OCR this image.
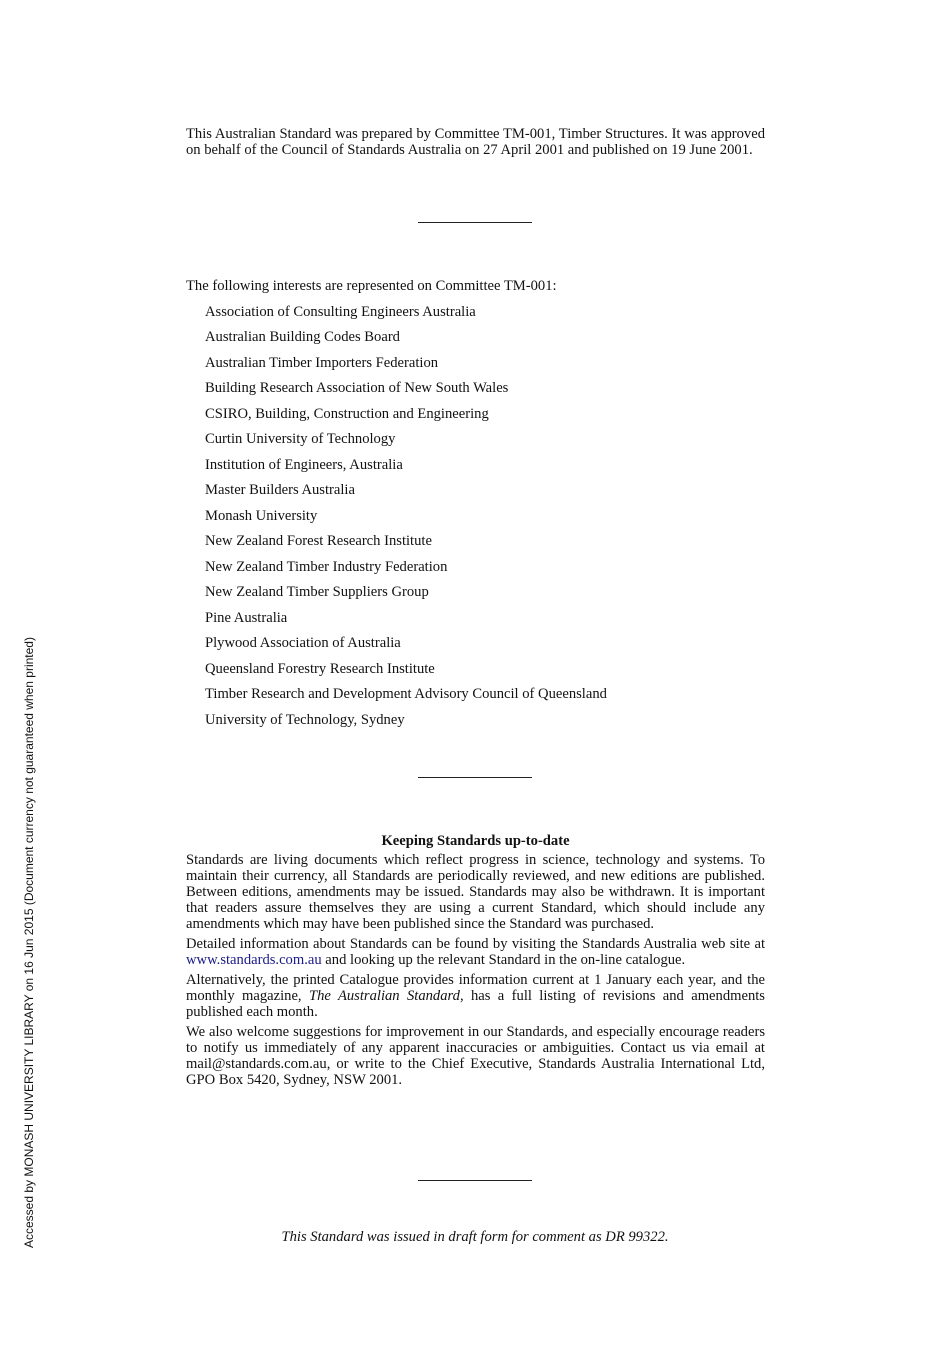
This Australian Standard was prepared by Committee TM-001, Timber Structures. It was approved on behalf of the Council of Standards Australia on 27 April 2001 and published on 19 June 2001.

The following interests are represented on Committee TM-001:

Association of Consulting Engineers Australia
Australian Building Codes Board
Australian Timber Importers Federation
Building Research Association of New South Wales
CSIRO, Building, Construction and Engineering
Curtin University of Technology
Institution of Engineers, Australia
Master Builders Australia
Monash University
New Zealand Forest Research Institute
New Zealand Timber Industry Federation
New Zealand Timber Suppliers Group
Pine Australia
Plywood Association of Australia
Queensland Forestry Research Institute
Timber Research and Development Advisory Council of Queensland
University of Technology, Sydney

Keeping Standards up-to-date

Standards are living documents which reflect progress in science, technology and systems. To maintain their currency, all Standards are periodically reviewed, and new editions are published. Between editions, amendments may be issued. Standards may also be withdrawn. It is important that readers assure themselves they are using a current Standard, which should include any amendments which may have been published since the Standard was purchased.

Detailed information about Standards can be found by visiting the Standards Australia web site at www.standards.com.au and looking up the relevant Standard in the on-line catalogue.

Alternatively, the printed Catalogue provides information current at 1 January each year, and the monthly magazine, The Australian Standard, has a full listing of revisions and amendments published each month.

We also welcome suggestions for improvement in our Standards, and especially encourage readers to notify us immediately of any apparent inaccuracies or ambiguities. Contact us via email at mail@standards.com.au, or write to the Chief Executive, Standards Australia International Ltd, GPO Box 5420, Sydney, NSW 2001.

This Standard was issued in draft form for comment as DR 99322.

Accessed by MONASH UNIVERSITY LIBRARY on 16 Jun 2015 (Document currency not guaranteed when printed)
